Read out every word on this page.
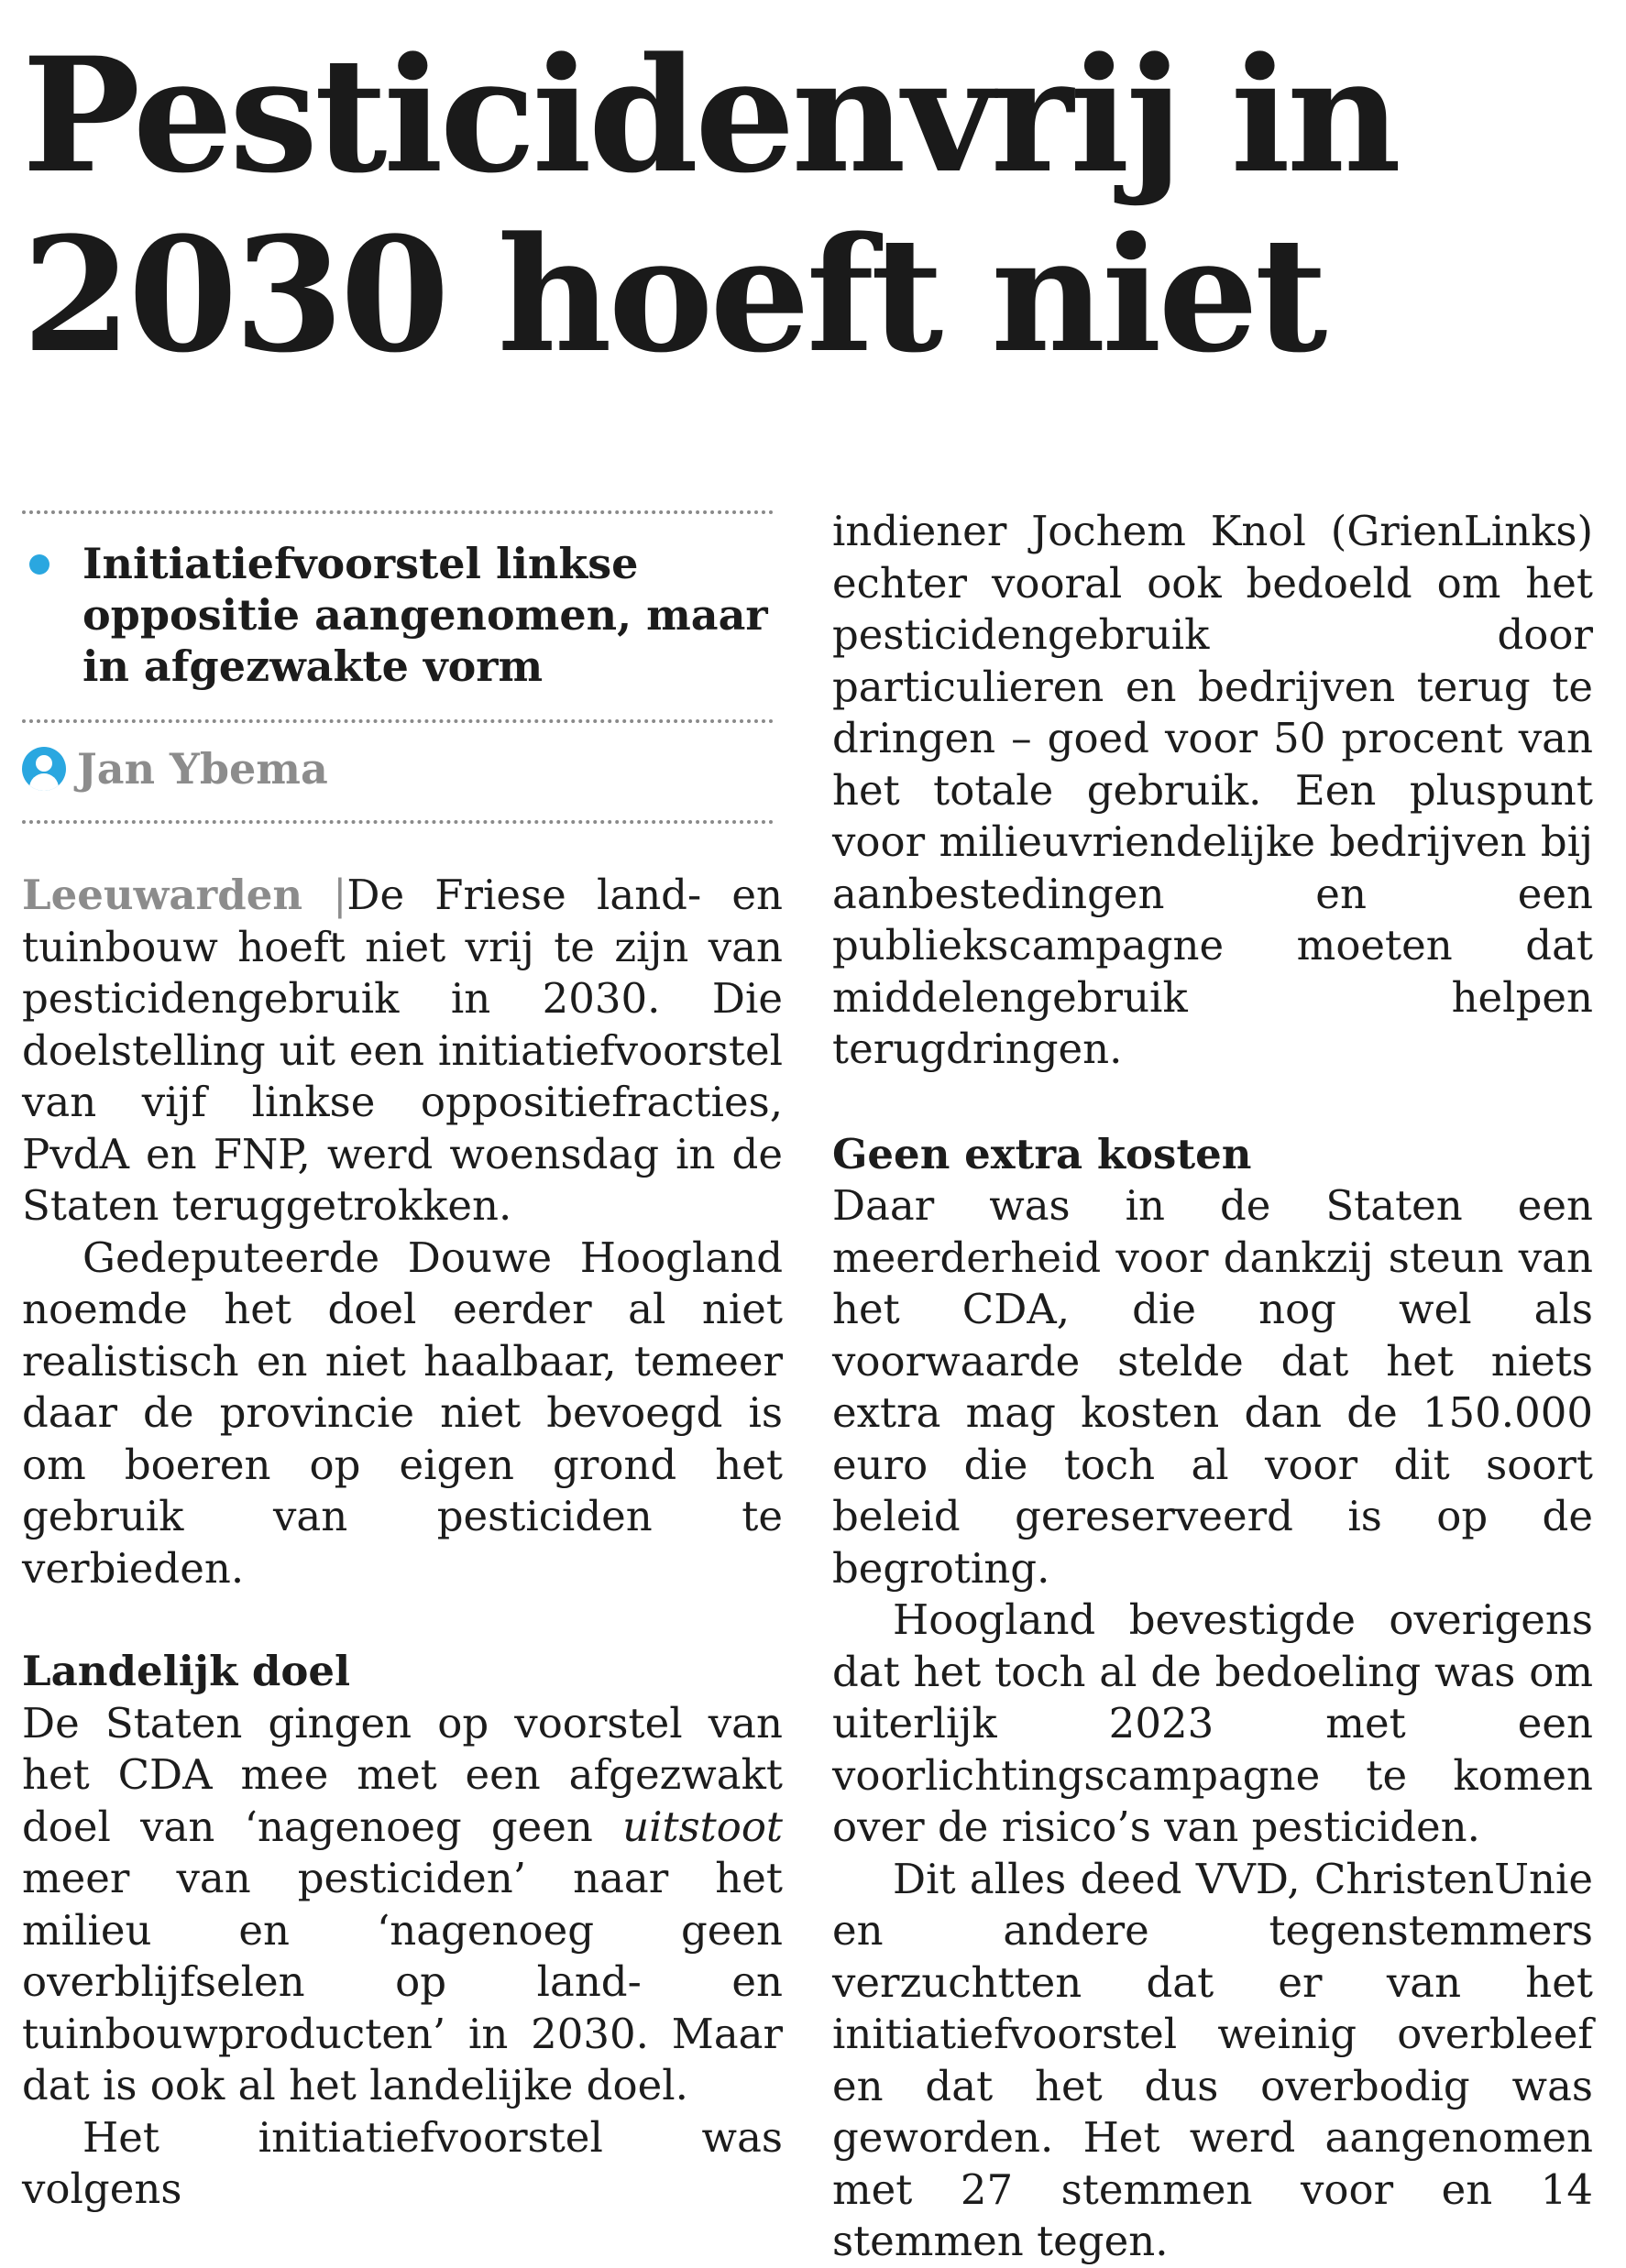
Pesticidenvrij in 2030 hoeft niet
Initiatiefvoorstel linkse oppositie aangenomen, maar in afgezwakte vorm
Jan Ybema

Leeuwarden |De Friese land- en tuinbouw hoeft niet vrij te zijn van pesticidengebruik in 2030. Die doelstelling uit een initiatiefvoorstel van vijf linkse oppositiefracties, PvdA en FNP, werd woensdag in de Staten teruggetrokken.

Gedeputeerde Douwe Hoogland noemde het doel eerder al niet realistisch en niet haalbaar, temeer daar de provincie niet bevoegd is om boeren op eigen grond het gebruik van pesticiden te verbieden.

Landelijk doel

De Staten gingen op voorstel van het CDA mee met een afgezwakt doel van ‘nagenoeg geen uitstoot meer van pesticiden’ naar het milieu en ‘nagenoeg geen overblijfselen op land- en tuinbouwproducten’ in 2030. Maar dat is ook al het landelijke doel.

Het initiatiefvoorstel was volgens

indiener Jochem Knol (GrienLinks) echter vooral ook bedoeld om het pesticidengebruik door particulieren en bedrijven terug te dringen – goed voor 50 procent van het totale gebruik. Een pluspunt voor milieuvriendelijke bedrijven bij aanbestedingen en een publiekscampagne moeten dat middelengebruik helpen terugdringen.

Geen extra kosten

Daar was in de Staten een meerderheid voor dankzij steun van het CDA, die nog wel als voorwaarde stelde dat het niets extra mag kosten dan de 150.000 euro die toch al voor dit soort beleid gereserveerd is op de begroting.

Hoogland bevestigde overigens dat het toch al de bedoeling was om uiterlijk 2023 met een voorlichtingscampagne te komen over de risico’s van pesticiden.

Dit alles deed VVD, ChristenUnie en andere tegenstemmers verzuchtten dat er van het initiatiefvoorstel weinig overbleef en dat het dus overbodig was geworden. Het werd aangenomen met 27 stemmen voor en 14 stemmen tegen.
